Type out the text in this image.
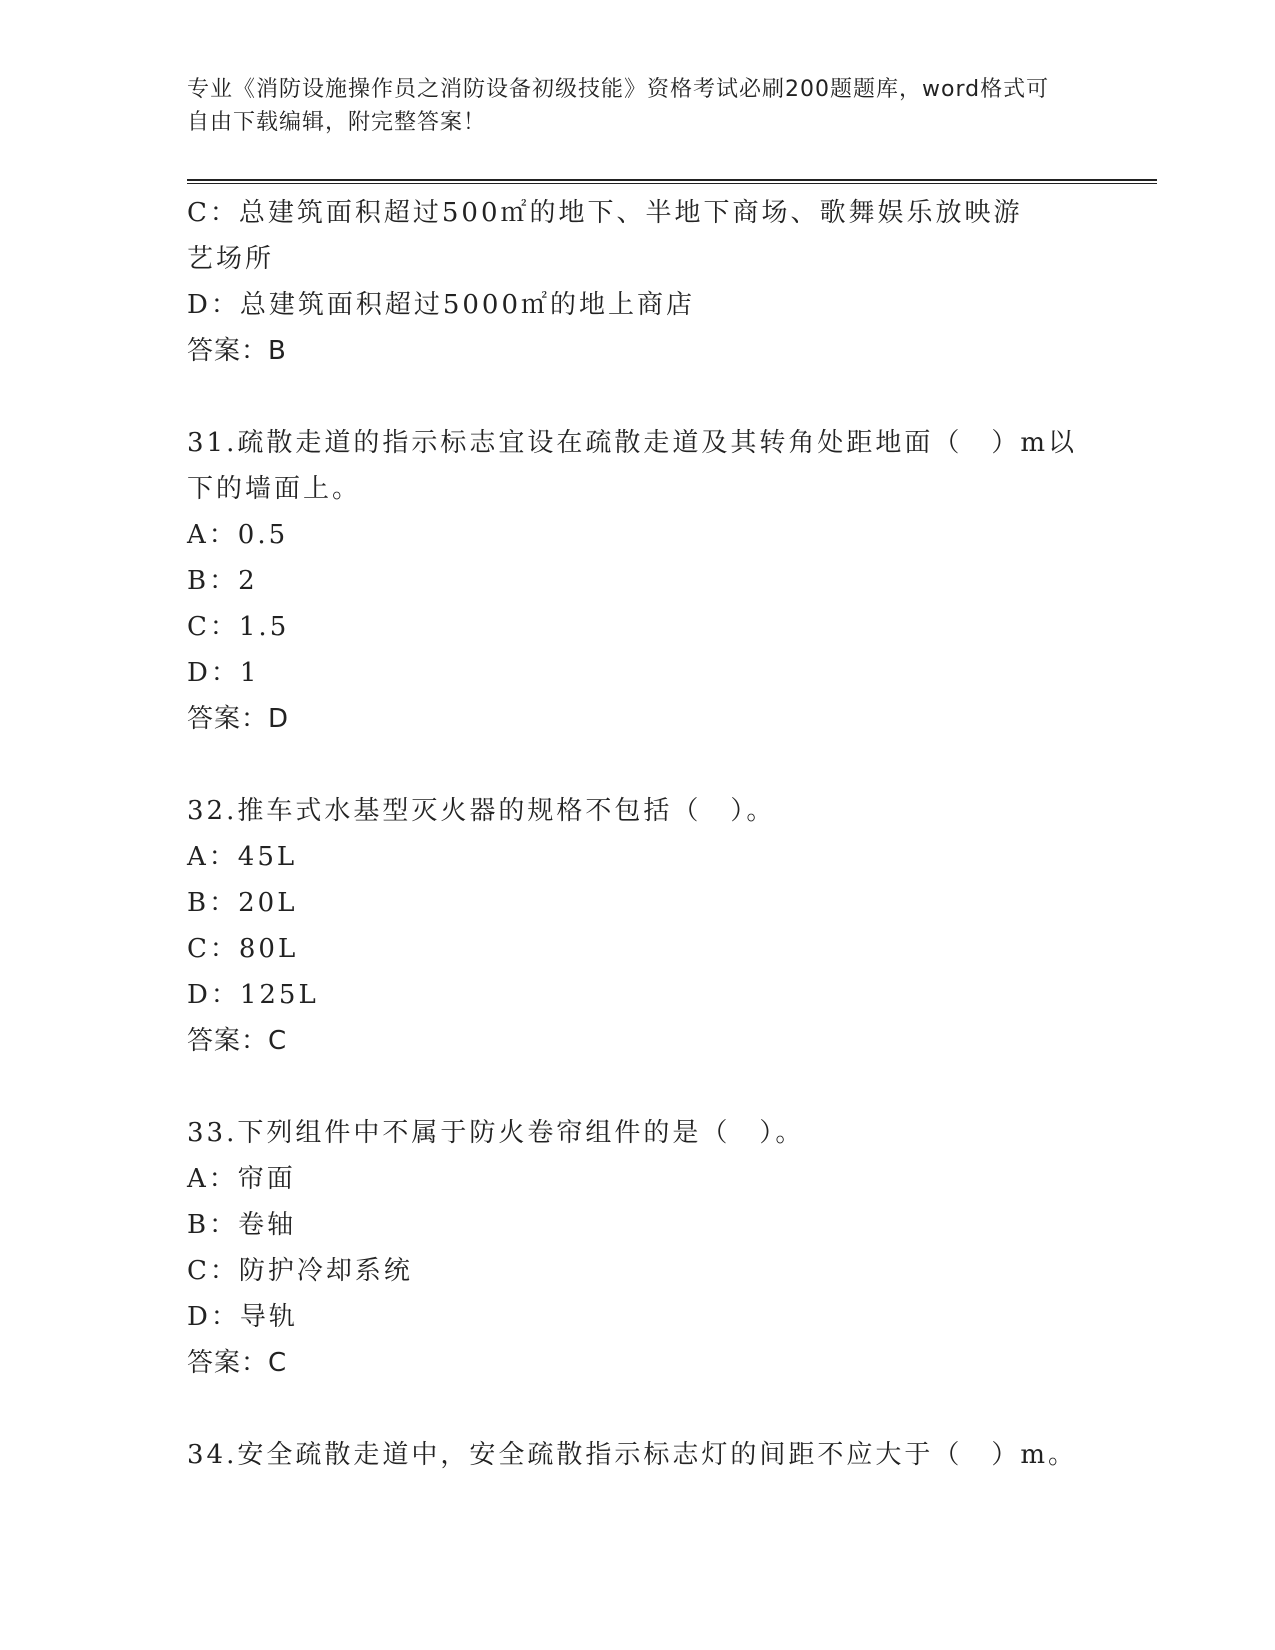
专业《消防设施操作员之消防设备初级技能》资格考试必刷200题题库，word格式可自由下载编辑，附完整答案！
C：总建筑面积超过500㎡的地下、半地下商场、歌舞娱乐放映游艺场所
D：总建筑面积超过5000㎡的地上商店
答案：B
31.疏散走道的指示标志宜设在疏散走道及其转角处距地面（　）m以
下的墙面上。
A：0.5
B：2
C：1.5
D：1
答案：D
32.推车式水基型灭火器的规格不包括（　）。
A：45L
B：20L
C：80L
D：125L
答案：C
33.下列组件中不属于防火卷帘组件的是（　）。
A：帘面
B：卷轴
C：防护冷却系统
D：导轨
答案：C
34.安全疏散走道中，安全疏散指示标志灯的间距不应大于（　）m。
